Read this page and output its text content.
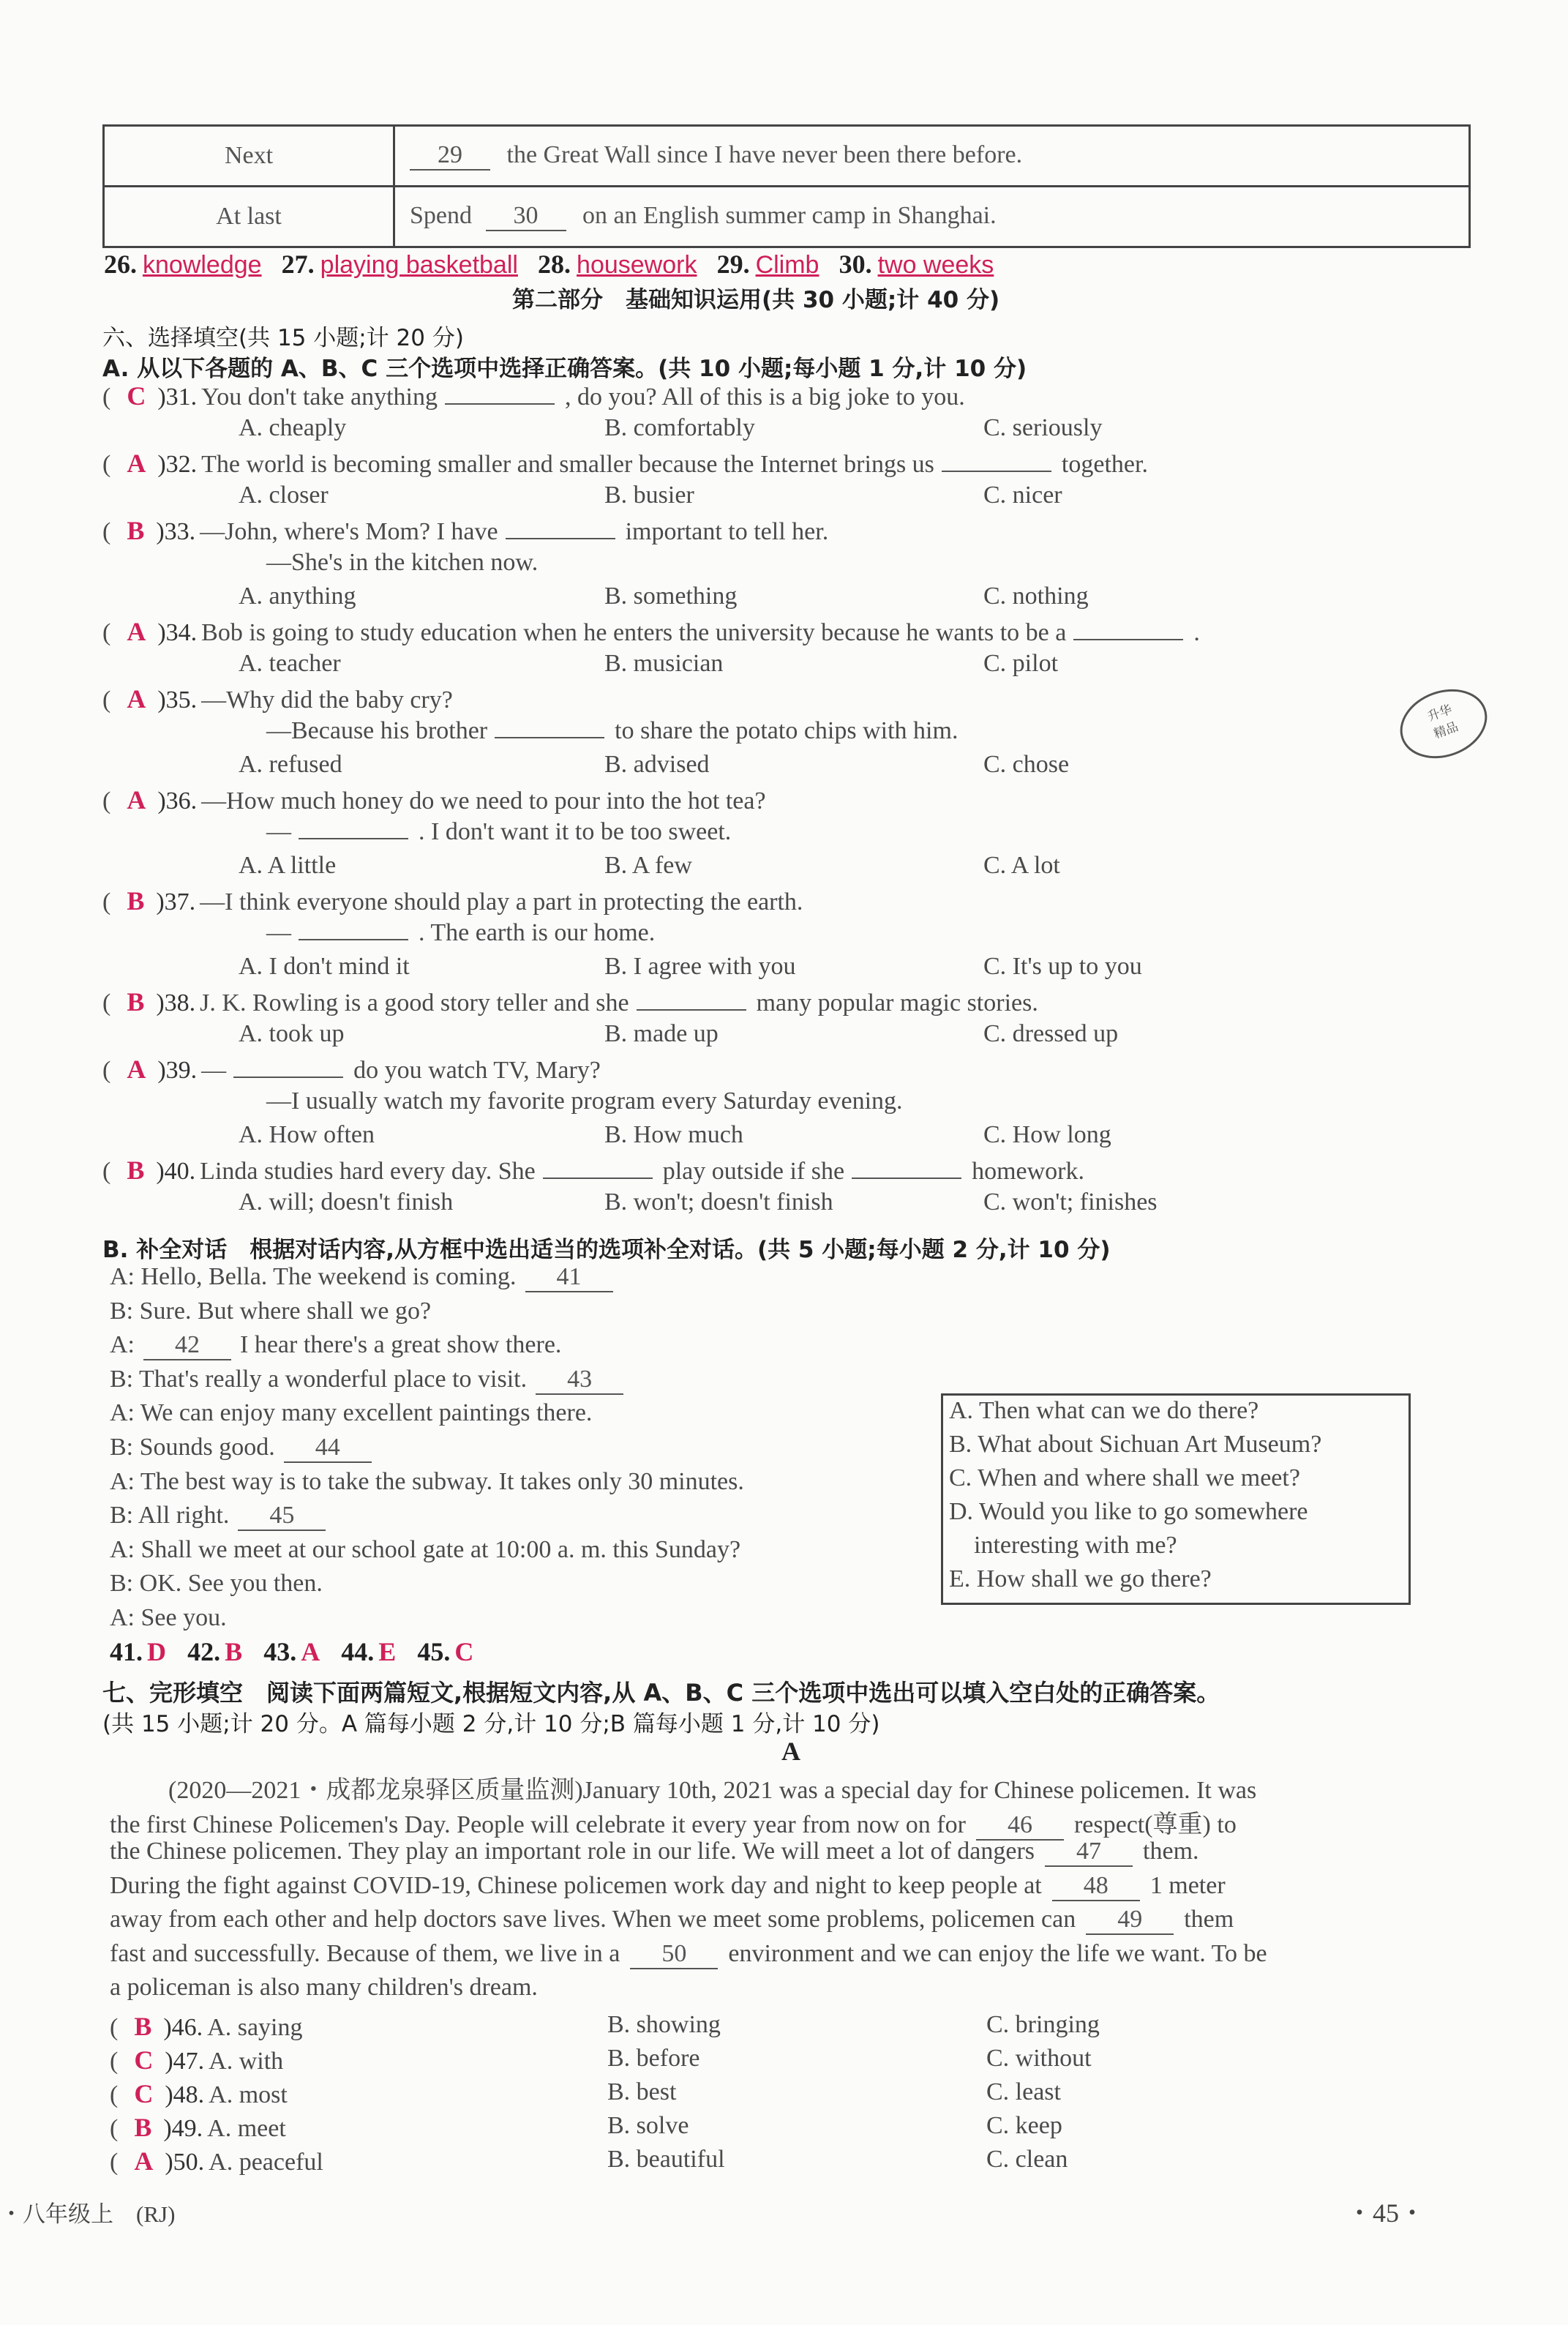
Next	29 the Great Wall since I have never been there before.
At last	Spend 30 on an English summer camp in Shanghai.
26. knowledge 27. playing basketball 28. housework 29. Climb 30. two weeks
第二部分　基础知识运用(共 30 小题;计 40 分)
六、选择填空(共 15 小题;计 20 分)
A. 从以下各题的 A、B、C 三个选项中选择正确答案。(共 10 小题;每小题 1 分,计 10 分)
( C )31. You don't take anything	, do you? All of this is a big joke to you.
A. cheaply	B. comfortably	C. seriously
( A )32. The world is becoming smaller and smaller because the Internet brings us	together.
A. closer	B. busier	C. nicer
( B )33. —John, where's Mom? I have	important to tell her.
—She's in the kitchen now.
A. anything	B. something	C. nothing
( A )34. Bob is going to study education when he enters the university because he wants to be a	.
A. teacher	B. musician	C. pilot
( A )35. —Why did the baby cry?
—Because his brother	to share the potato chips with him.
A. refused	B. advised	C. chose
( A )36. —How much honey do we need to pour into the hot tea?
—	. I don't want it to be too sweet.
A. A little	B. A few	C. A lot
( B )37. —I think everyone should play a part in protecting the earth.
—	. The earth is our home.
A. I don't mind it	B. I agree with you	C. It's up to you
( B )38. J. K. Rowling is a good story teller and she	many popular magic stories.
A. took up	B. made up	C. dressed up
( A )39. —	do you watch TV, Mary?
—I usually watch my favorite program every Saturday evening.
A. How often	B. How much	C. How long
( B )40. Linda studies hard every day. She	play outside if she	homework.
A. will; doesn't finish	B. won't; doesn't finish	C. won't; finishes
升华
精品
B. 补全对话　根据对话内容,从方框中选出适当的选项补全对话。(共 5 小题;每小题 2 分,计 10 分)
A: Hello, Bella. The weekend is coming. 41
B: Sure. But where shall we go?
A: 42 I hear there's a great show there.
B: That's really a wonderful place to visit. 43
A: We can enjoy many excellent paintings there.
B: Sounds good. 44
A: The best way is to take the subway. It takes only 30 minutes.
B: All right. 45
A: Shall we meet at our school gate at 10:00 a. m. this Sunday?
B: OK. See you then.
A: See you.
A. Then what can we do there?
B. What about Sichuan Art Museum?
C. When and where shall we meet?
D. Would you like to go somewhere
interesting with me?
E. How shall we go there?
41. D 42. B 43. A 44. E 45. C
七、完形填空　阅读下面两篇短文,根据短文内容,从 A、B、C 三个选项中选出可以填入空白处的正确答案。
(共 15 小题;计 20 分。A 篇每小题 2 分,计 10 分;B 篇每小题 1 分,计 10 分)
A
(2020—2021・成都龙泉驿区质量监测)January 10th, 2021 was a special day for Chinese policemen. It was
the first Chinese Policemen's Day. People will celebrate it every year from now on for 46 respect(尊重) to
the Chinese policemen. They play an important role in our life. We will meet a lot of dangers 47 them.
During the fight against COVID-19, Chinese policemen work day and night to keep people at 48 1 meter
away from each other and help doctors save lives. When we meet some problems, policemen can 49 them
fast and successfully. Because of them, we live in a 50 environment and we can enjoy the life we want. To be
a policeman is also many children's dream.
( B )46. A. saying	B. showing	C. bringing
( C )47. A. with	B. before	C. without
( C )48. A. most	B. best	C. least
( B )49. A. meet	B. solve	C. keep
( A )50. A. peaceful	B. beautiful	C. clean
・八年级上　(RJ)	・45・
